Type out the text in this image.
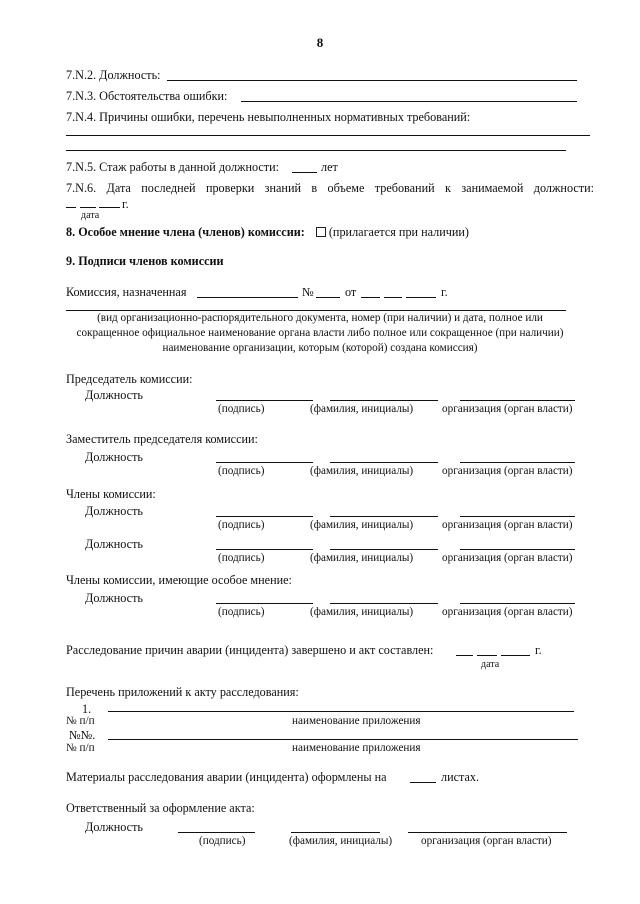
8
7.N.2. Должность:
7.N.3. Обстоятельства ошибки:
7.N.4. Причины ошибки, перечень невыполненных нормативных требований:
7.N.5. Стаж работы в данной должности:	лет
7.N.6. Дата последней проверки знаний в объеме требований к занимаемой должности:
г.
дата
8. Особое мнение члена (членов) комиссии: (прилагается при наличии)
9. Подписи членов комиссии
Комиссия, назначенная	№	от	г.
(вид организационно-распорядительного документа, номер (при наличии) и дата, полное или
сокращенное официальное наименование органа власти либо полное или сокращенное (при наличии)
наименование организации, которым (которой) создана комиссия)
Председатель комиссии:
Должность
(подпись)	(фамилия, инициалы)	организация (орган власти)
Заместитель председателя комиссии:
Должность
(подпись)	(фамилия, инициалы)	организация (орган власти)
Члены комиссии:
Должность
(подпись)	(фамилия, инициалы)	организация (орган власти)
Должность
(подпись)	(фамилия, инициалы)	организация (орган власти)
Члены комиссии, имеющие особое мнение:
Должность
(подпись)	(фамилия, инициалы)	организация (орган власти)
Расследование причин аварии (инцидента) завершено и акт составлен:	г.
дата
Перечень приложений к акту расследования:
1.
№ п/п	наименование приложения
№№.
№ п/п	наименование приложения
Материалы расследования аварии (инцидента) оформлены на	листах.
Ответственный за оформление акта:
Должность
(подпись)	(фамилия, инициалы)	организация (орган власти)
